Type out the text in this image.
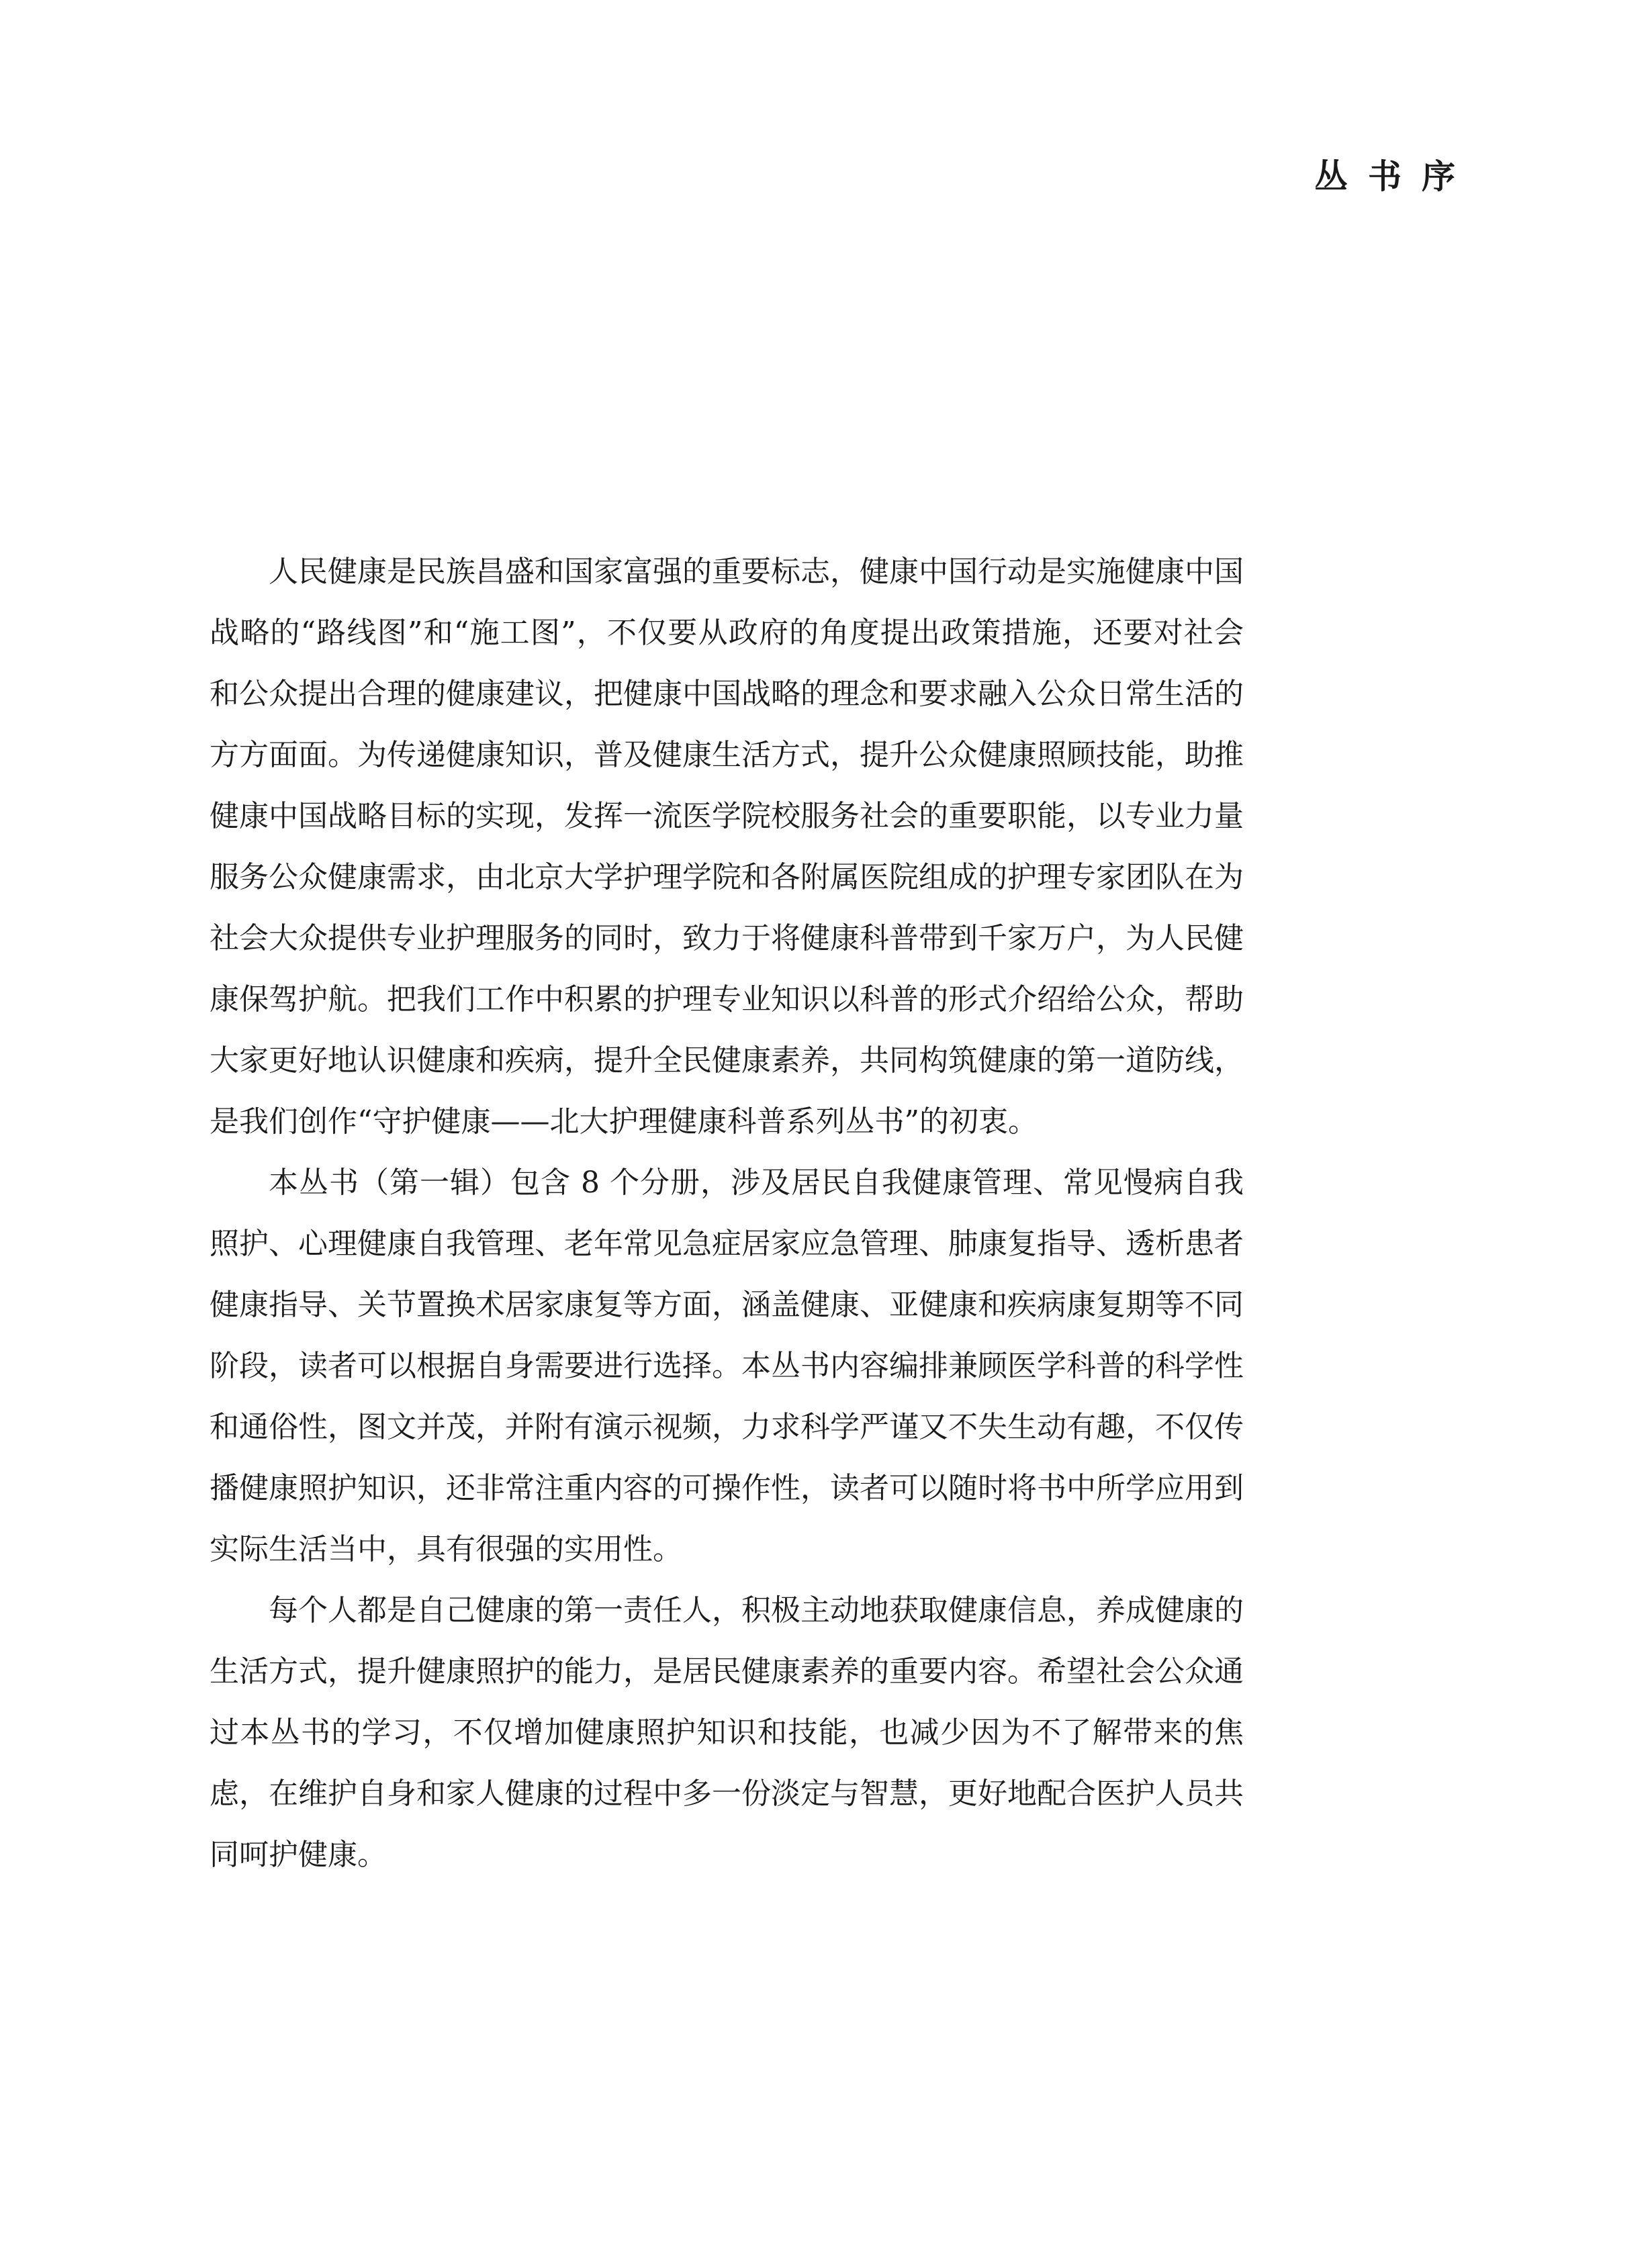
丛书序

人民健康是民族昌盛和国家富强的重要标志，健康中国行动是实施健康中国战略的“路线图”和“施工图”，不仅要从政府的角度提出政策措施，还要对社会和公众提出合理的健康建议，把健康中国战略的理念和要求融入公众日常生活的方方面面。为传递健康知识，普及健康生活方式，提升公众健康照顾技能，助推健康中国战略目标的实现，发挥一流医学院校服务社会的重要职能，以专业力量服务公众健康需求，由北京大学护理学院和各附属医院组成的护理专家团队在为社会大众提供专业护理服务的同时，致力于将健康科普带到千家万户，为人民健康保驾护航。把我们工作中积累的护理专业知识以科普的形式介绍给公众，帮助大家更好地认识健康和疾病，提升全民健康素养，共同构筑健康的第一道防线，是我们创作“守护健康——北大护理健康科普系列丛书”的初衷。

本丛书（第一辑）包含 8 个分册，涉及居民自我健康管理、常见慢病自我照护、心理健康自我管理、老年常见急症居家应急管理、肺康复指导、透析患者健康指导、关节置换术居家康复等方面，涵盖健康、亚健康和疾病康复期等不同阶段，读者可以根据自身需要进行选择。本丛书内容编排兼顾医学科普的科学性和通俗性，图文并茂，并附有演示视频，力求科学严谨又不失生动有趣，不仅传播健康照护知识，还非常注重内容的可操作性，读者可以随时将书中所学应用到实际生活当中，具有很强的实用性。

每个人都是自己健康的第一责任人，积极主动地获取健康信息，养成健康的生活方式，提升健康照护的能力，是居民健康素养的重要内容。希望社会公众通过本丛书的学习，不仅增加健康照护知识和技能，也减少因为不了解带来的焦虑，在维护自身和家人健康的过程中多一份淡定与智慧，更好地配合医护人员共同呵护健康。
